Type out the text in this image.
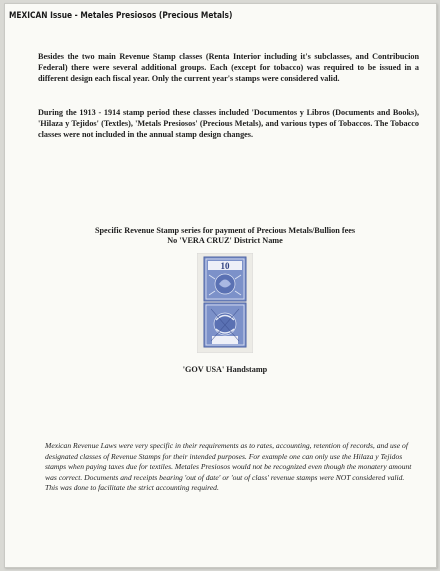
MEXICAN Issue - Metales Presiosos (Precious Metals)

Besides the two main Revenue Stamp classes (Renta Interior including it's subclasses, and Contribucion Federal) there were several additional groups. Each (except for tobacco) was required to be issued in a different design each fiscal year. Only the current year's stamps were considered valid.

During the 1913 - 1914 stamp period these classes included 'Documentos y Libros (Documents and Books), 'Hilaza y Tejidos' (Textles), 'Metals Presiosos' (Precious Metals), and various types of Tobaccos. The Tobacco classes were not included in the annual stamp design changes.

Specific Revenue Stamp series for payment of Precious Metals/Bullion fees
No 'VERA CRUZ' District Name
10
'GOV USA' Handstamp

Mexican Revenue Laws were very specific in their requirements as to rates, accounting, retention of records, and use of designated classes of Revenue Stamps for their intended purposes. For example one can only use the Hilaza y Tejidos stamps when paying taxes due for textiles. Metales Presiosos would not be recognized even though the monatery amount was correct. Documents and receipts bearing 'out of date' or 'out of class' revenue stamps were NOT considered valid. This was done to facilitate the strict accounting required.
